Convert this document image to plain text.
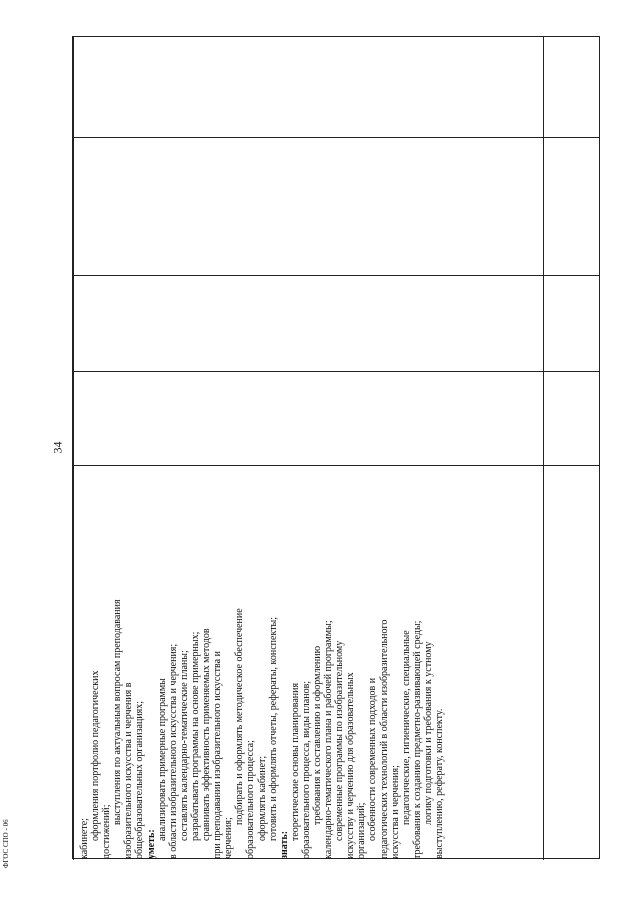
34
ФГОС СПО - 06	кабинете; оформления портфолио педагогических достижений;
выступления по актуальным вопросам преподавания изобразительного искусства и черчения в общеобразовательных организациях; уметь:
анализировать примерные программы в области изобразительного искусства и черчения; составлять календарно-тематические планы; разрабатывать программы на основе примерных; сравнивать эффективность применяемых методов при преподавании изобразительного искусства и черчения;
подбирать и оформлять методическое обеспечение образовательного процесса; оформлять кабинет; готовить и оформлять отчеты, рефераты, конспекты;
знать:
теоретические основы планирования образовательного процесса, виды планов; требования к составлению и оформлению календарно-тематического плана и рабочей программы; современные программы по изобразительному искусству и черчению для образовательных организаций; особенности современных подходов и педагогических технологий в области изобразительного искусства и черчения; педагогические, гигиенические, специальные требования к созданию предметно-развивающей среды; логику подготовки и требования к устному выступлению, реферату, конспекту.
